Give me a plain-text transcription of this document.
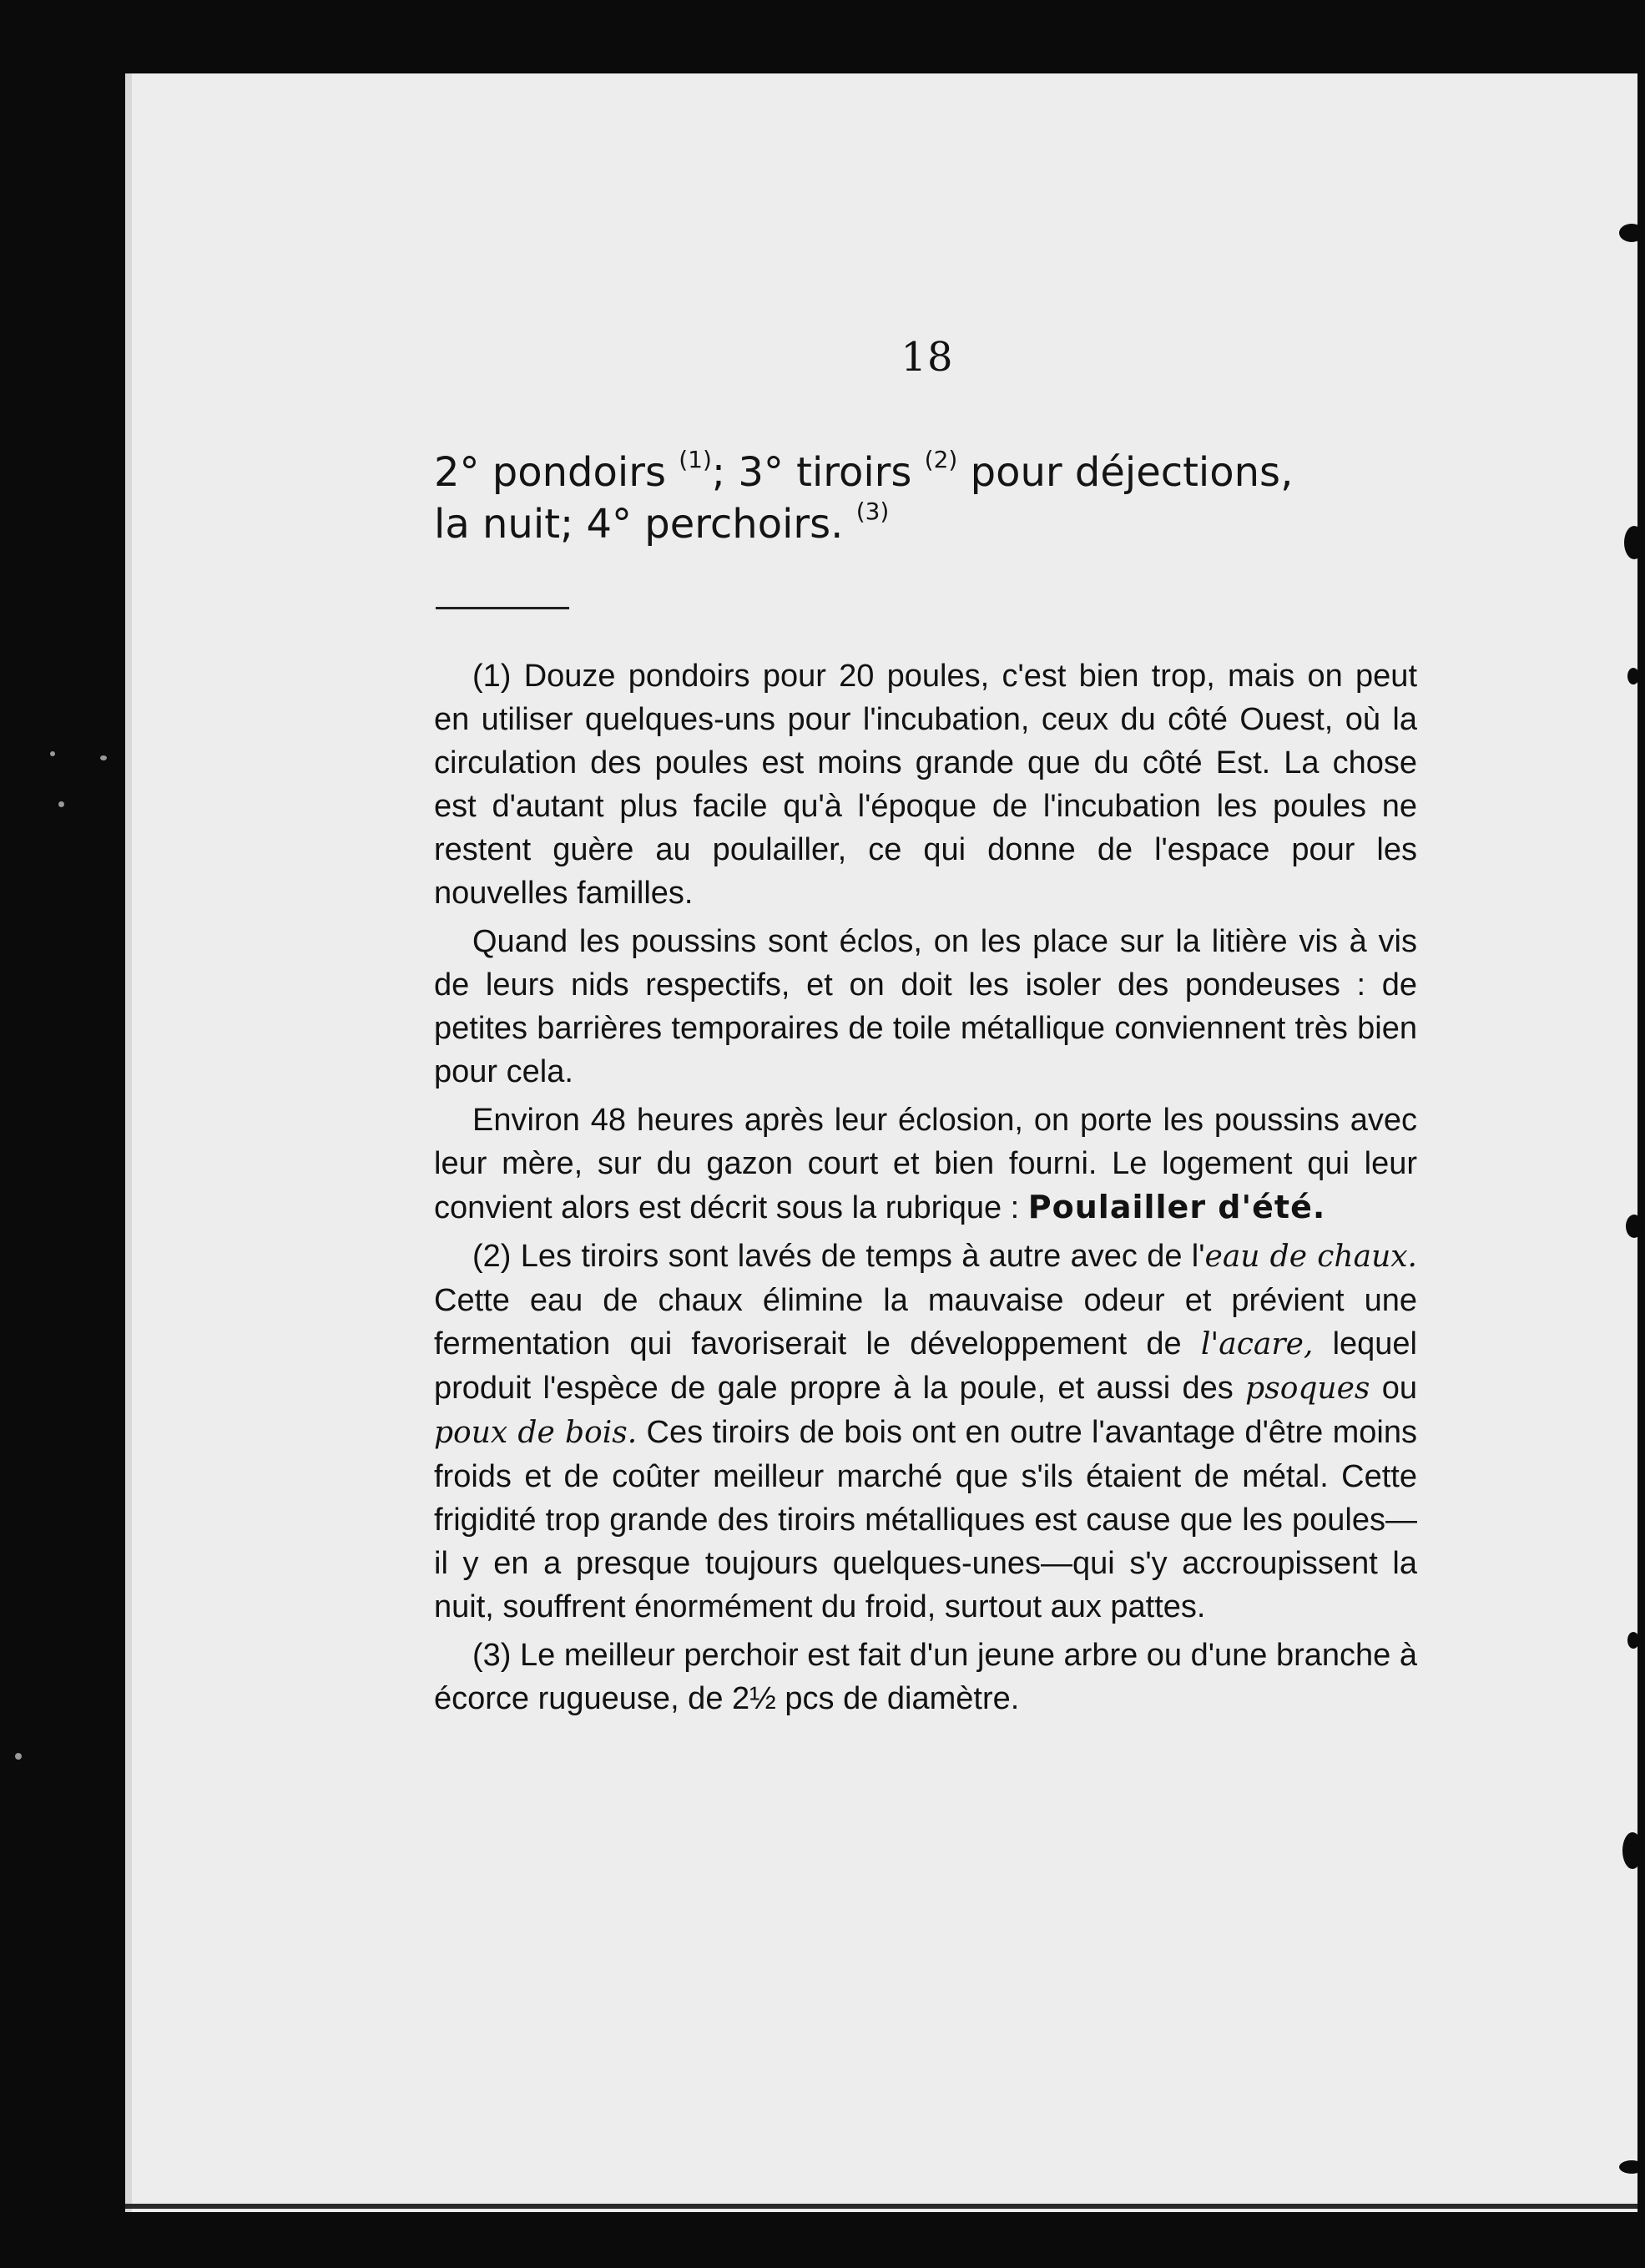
18
2° pondoirs $^{(1)}$; 3° tiroirs $^{(2)}$ pour déjections,
la nuit; 4° perchoirs. $^{(3)}$

(1) Douze pondoirs pour 20 poules, c'est bien trop, mais on peut en utiliser quelques-uns pour l'incubation, ceux du côté Ouest, où la circulation des poules est moins grande que du côté Est. La chose est d'autant plus facile qu'à l'époque de l'incubation les poules ne restent guère au poulailler, ce qui donne de l'espace pour les nouvelles familles.

Quand les poussins sont éclos, on les place sur la litière vis à vis de leurs nids respectifs, et on doit les isoler des pondeuses : de petites barrières temporaires de toile métallique conviennent très bien pour cela.

Environ 48 heures après leur éclosion, on porte les poussins avec leur mère, sur du gazon court et bien fourni. Le logement qui leur convient alors est décrit sous la rubrique : Poulailler d'été.

(2) Les tiroirs sont lavés de temps à autre avec de l'eau de chaux. Cette eau de chaux élimine la mauvaise odeur et prévient une fermentation qui favoriserait le développement de l'acare, lequel produit l'espèce de gale propre à la poule, et aussi des psoques ou poux de bois. Ces tiroirs de bois ont en outre l'avantage d'être moins froids et de coûter meilleur marché que s'ils étaient de métal. Cette frigidité trop grande des tiroirs métalliques est cause que les poules—il y en a presque toujours quelques-unes—qui s'y accroupissent la nuit, souffrent énormément du froid, surtout aux pattes.

(3) Le meilleur perchoir est fait d'un jeune arbre ou d'une branche à écorce rugueuse, de 2½ pcs de diamètre.
